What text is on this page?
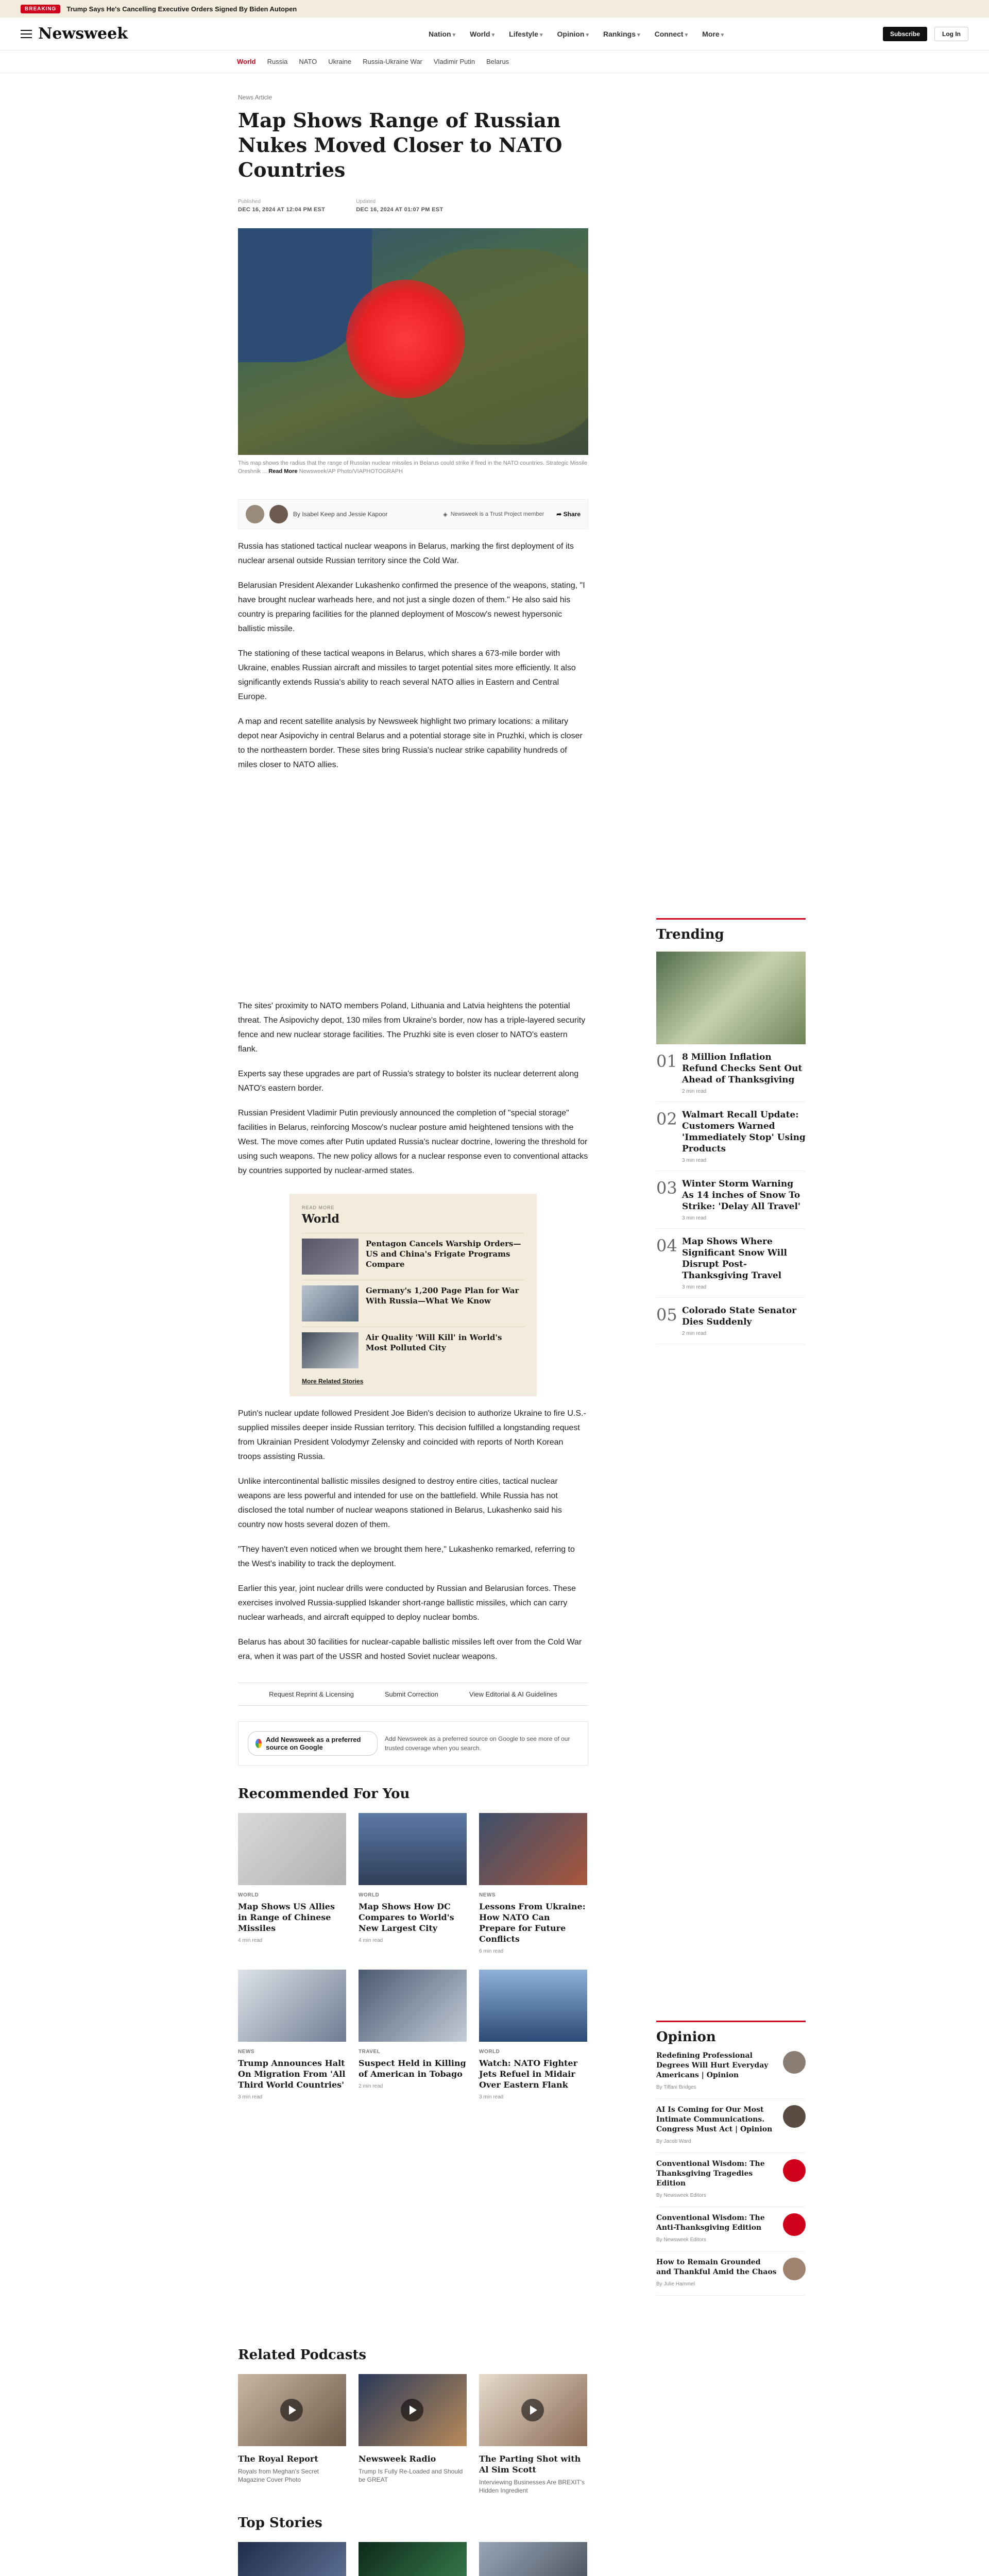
BREAKING	Trump Says He's Cancelling Executive Orders Signed By Biden Autopen
Newsweek	Nation ▾	World ▾	Lifestyle ▾	Opinion ▾	Rankings ▾	Connect ▾	More ▾	Subscribe	Log In
World Russia NATO Ukraine Russia-Ukraine War Vladimir Putin Belarus
News Article
Map Shows Range of Russian Nukes Moved Closer to NATO Countries
Published
DEC 16, 2024 AT 12:04 PM EST
Updated
DEC 16, 2024 AT 01:07 PM EST
This map shows the radius that the range of Russian nuclear missiles in Belarus could strike if fired in the NATO countries. Strategic Missile Oreshnik ... Read More Newsweek/AP Photo/VIAPHOTOGRAPH
By Isabel Keep and Jessie Kapoor	◈ Newsweek is a Trust Project member ➦ Share

Russia has stationed tactical nuclear weapons in Belarus, marking the first deployment of its nuclear arsenal outside Russian territory since the Cold War.

Belarusian President Alexander Lukashenko confirmed the presence of the weapons, stating, "I have brought nuclear warheads here, and not just a single dozen of them." He also said his country is preparing facilities for the planned deployment of Moscow's newest hypersonic ballistic missile.

The stationing of these tactical weapons in Belarus, which shares a 673-mile border with Ukraine, enables Russian aircraft and missiles to target potential sites more efficiently. It also significantly extends Russia's ability to reach several NATO allies in Eastern and Central Europe.

A map and recent satellite analysis by Newsweek highlight two primary locations: a military depot near Asipovichy in central Belarus and a potential storage site in Pruzhki, which is closer to the northeastern border. These sites bring Russia's nuclear strike capability hundreds of miles closer to NATO allies.

The sites' proximity to NATO members Poland, Lithuania and Latvia heightens the potential threat. The Asipovichy depot, 130 miles from Ukraine's border, now has a triple-layered security fence and new nuclear storage facilities. The Pruzhki site is even closer to NATO's eastern flank.

Experts say these upgrades are part of Russia's strategy to bolster its nuclear deterrent along NATO's eastern border.

Russian President Vladimir Putin previously announced the completion of "special storage" facilities in Belarus, reinforcing Moscow's nuclear posture amid heightened tensions with the West. The move comes after Putin updated Russia's nuclear doctrine, lowering the threshold for using such weapons. The new policy allows for a nuclear response even to conventional attacks by countries supported by nuclear-armed states.

READ MORE
World
Pentagon Cancels Warship Orders—US and China's Frigate Programs Compare
Germany's 1,200 Page Plan for War With Russia—What We Know
Air Quality 'Will Kill' in World's Most Polluted City
More Related Stories

Putin's nuclear update followed President Joe Biden's decision to authorize Ukraine to fire U.S.-supplied missiles deeper inside Russian territory. This decision fulfilled a longstanding request from Ukrainian President Volodymyr Zelensky and coincided with reports of North Korean troops assisting Russia.

Unlike intercontinental ballistic missiles designed to destroy entire cities, tactical nuclear weapons are less powerful and intended for use on the battlefield. While Russia has not disclosed the total number of nuclear weapons stationed in Belarus, Lukashenko said his country now hosts several dozen of them.

"They haven't even noticed when we brought them here," Lukashenko remarked, referring to the West's inability to track the deployment.

Earlier this year, joint nuclear drills were conducted by Russian and Belarusian forces. These exercises involved Russia-supplied Iskander short-range ballistic missiles, which can carry nuclear warheads, and aircraft equipped to deploy nuclear bombs.

Belarus has about 30 facilities for nuclear-capable ballistic missiles left over from the Cold War era, when it was part of the USSR and hosted Soviet nuclear weapons.

Request Reprint & Licensing	Submit Correction	View Editorial & AI Guidelines
Add Newsweek as a preferred source on Google
Add Newsweek as a preferred source on Google to see more of our trusted coverage when you search.
Recommended For You
WORLD
Map Shows US Allies in Range of Chinese Missiles
4 min read
WORLD
Map Shows How DC Compares to World's New Largest City
4 min read
NEWS
Lessons From Ukraine: How NATO Can Prepare for Future Conflicts
6 min read
NEWS
Trump Announces Halt On Migration From 'All Third World Countries'
3 min read
TRAVEL
Suspect Held in Killing of American in Tobago
2 min read
WORLD
Watch: NATO Fighter Jets Refuel in Midair Over Eastern Flank
3 min read
Related Podcasts
The Royal Report
Royals from Meghan's Secret Magazine Cover Photo
Newsweek Radio
Trump Is Fully Re-Loaded and Should be GREAT
The Parting Shot with Al Sim Scott
Interviewing Businesses Are BREXIT's Hidden Ingredient
Top Stories
Trending
01 8 Million Inflation Refund Checks Sent Out Ahead of Thanksgiving
2 min read
02 Walmart Recall Update: Customers Warned 'Immediately Stop' Using Products
3 min read
03 Winter Storm Warning As 14 inches of Snow To Strike: 'Delay All Travel'
3 min read
04 Map Shows Where Significant Snow Will Disrupt Post-Thanksgiving Travel
3 min read
05 Colorado State Senator Dies Suddenly
2 min read
Opinion
Redefining Professional Degrees Will Hurt Everyday Americans | Opinion
By Tiffani Bridges
AI Is Coming for Our Most Intimate Communications. Congress Must Act | Opinion
By Jacob Ward
Conventional Wisdom: The Thanksgiving Tragedies Edition
By Newsweek Editors
Conventional Wisdom: The Anti-Thanksgiving Edition
By Newsweek Editors
How to Remain Grounded and Thankful Amid the Chaos
By Julie Hammel
